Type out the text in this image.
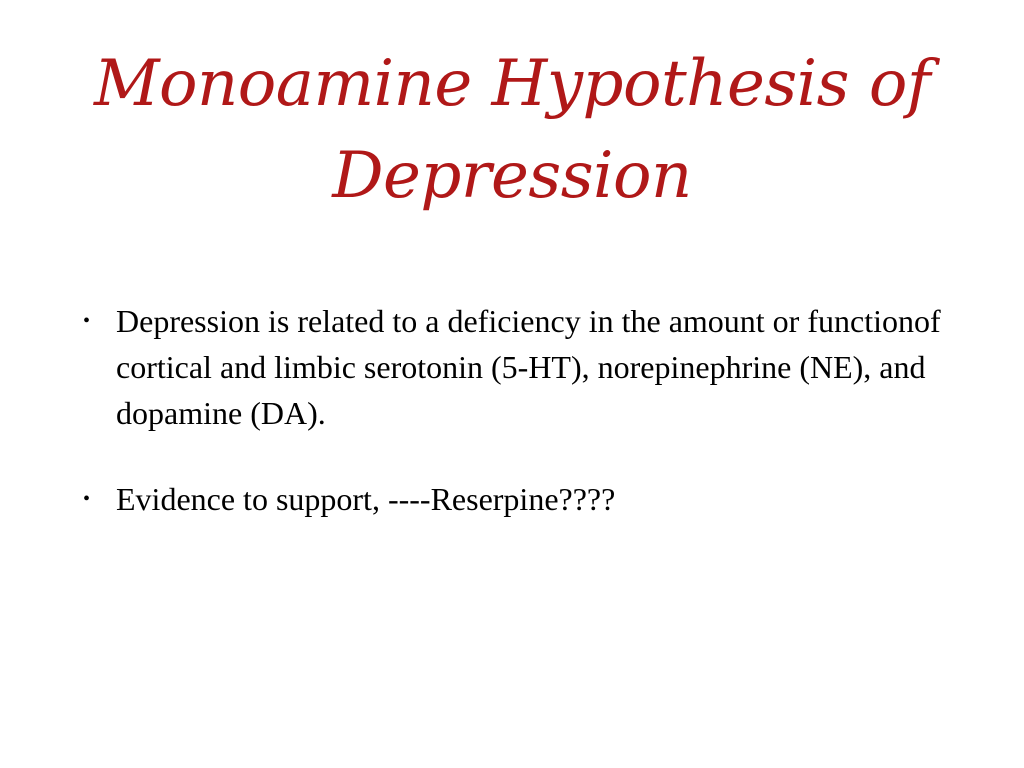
Monoamine Hypothesis of Depression
• Depression is related to a deficiency in the amount or functionof cortical and limbic serotonin (5-HT), norepinephrine (NE), and dopamine (DA).
• Evidence to support, ----Reserpine????
